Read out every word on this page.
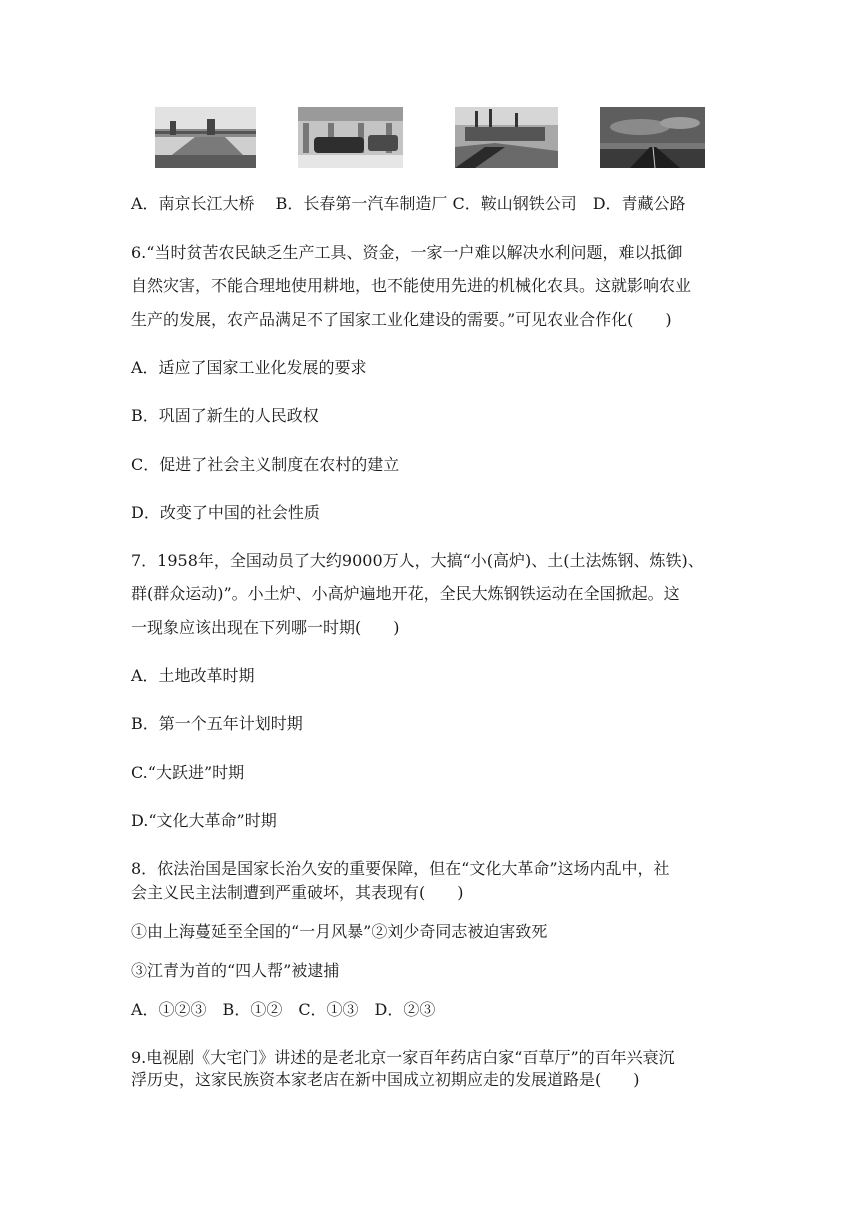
A．南京长江大桥　 B．长春第一汽车制造厂 C．鞍山钢铁公司　D．青藏公路
6.“当时贫苦农民缺乏生产工具、资金，一家一户难以解决水利问题，难以抵御
自然灾害，不能合理地使用耕地，也不能使用先进的机械化农具。这就影响农业
生产的发展，农产品满足不了国家工业化建设的需要。”可见农业合作化(　　)
A．适应了国家工业化发展的要求
B．巩固了新生的人民政权
C．促进了社会主义制度在农村的建立
D．改变了中国的社会性质
7．1958年，全国动员了大约9000万人，大搞“小(高炉)、土(土法炼钢、炼铁)、
群(群众运动)”。小土炉、小高炉遍地开花，全民大炼钢铁运动在全国掀起。这
一现象应该出现在下列哪一时期(　　)
A．土地改革时期
B．第一个五年计划时期
C.“大跃进”时期
D.“文化大革命”时期
8．依法治国是国家长治久安的重要保障，但在“文化大革命”这场内乱中，社
会主义民主法制遭到严重破坏，其表现有(　　)
①由上海蔓延至全国的“一月风暴”②刘少奇同志被迫害致死
③江青为首的“四人帮”被逮捕
A．①②③　B．①②　C．①③　D．②③
9.电视剧《大宅门》讲述的是老北京一家百年药店白家“百草厅”的百年兴衰沉
浮历史，这家民族资本家老店在新中国成立初期应走的发展道路是(　　)
